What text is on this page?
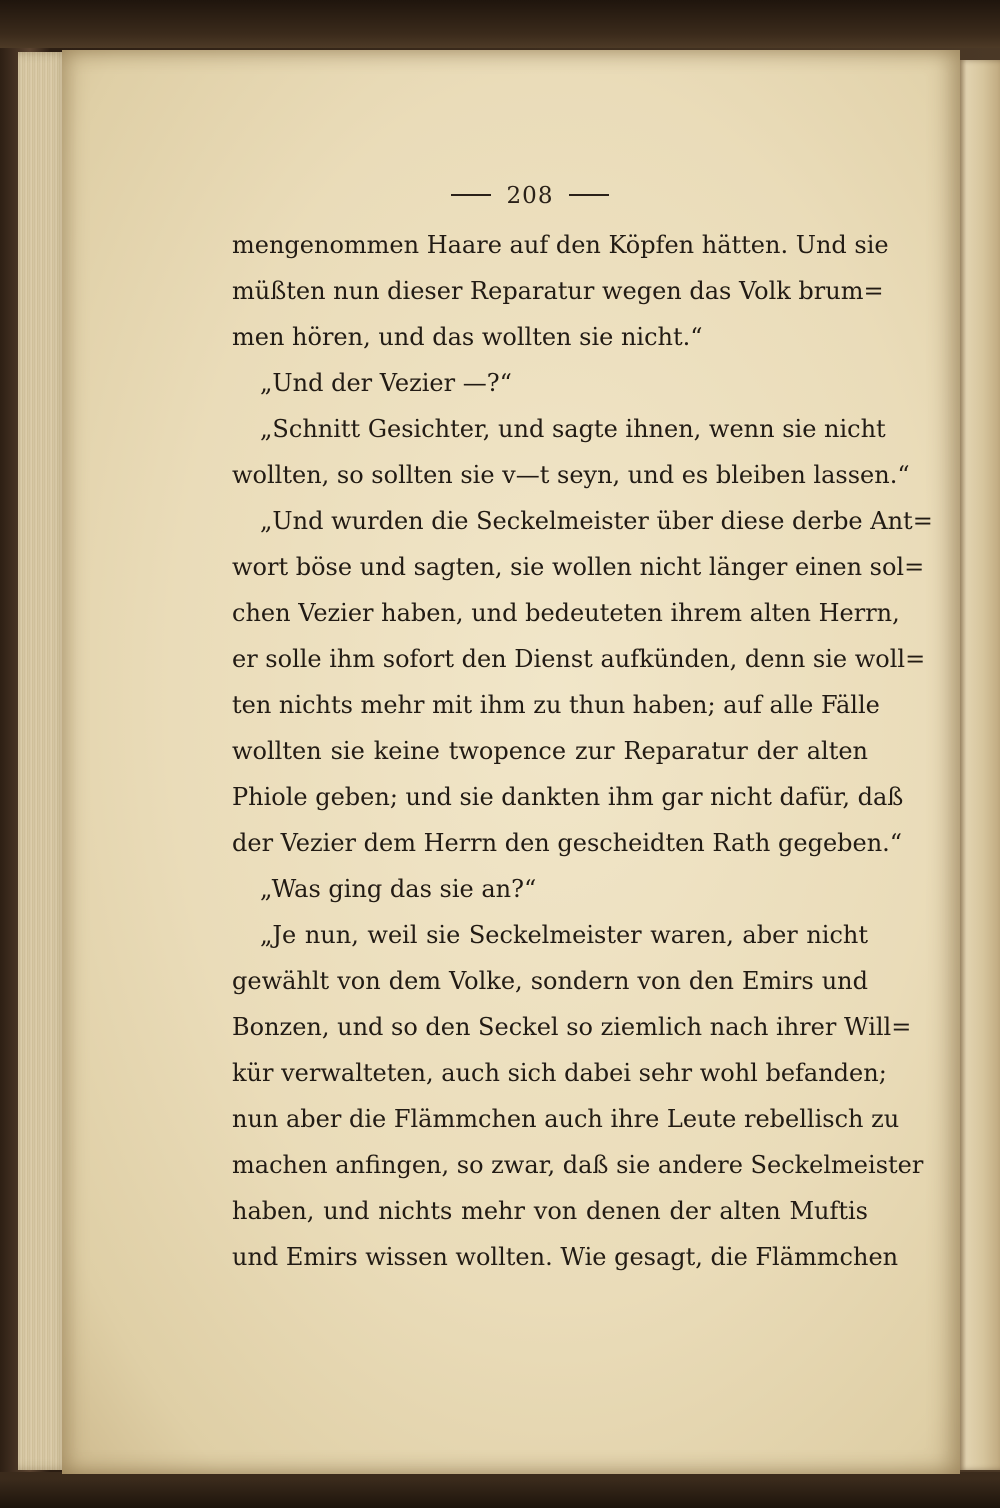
208
mengenommen Haare auf den Köpfen hätten. Und sie
müßten nun dieser Reparatur wegen das Volk brum=
men hören, und das wollten sie nicht.“
„Und der Vezier —?“
„Schnitt Gesichter, und sagte ihnen, wenn sie nicht
wollten, so sollten sie v—t seyn, und es bleiben lassen.“
„Und wurden die Seckelmeister über diese derbe Ant=
wort böse und sagten, sie wollen nicht länger einen sol=
chen Vezier haben, und bedeuteten ihrem alten Herrn,
er solle ihm sofort den Dienst aufkünden, denn sie woll=
ten nichts mehr mit ihm zu thun haben; auf alle Fälle
wollten sie keine twopence zur Reparatur der alten
Phiole geben; und sie dankten ihm gar nicht dafür, daß
der Vezier dem Herrn den gescheidten Rath gegeben.“
„Was ging das sie an?“
„Je nun, weil sie Seckelmeister waren, aber nicht
gewählt von dem Volke, sondern von den Emirs und
Bonzen, und so den Seckel so ziemlich nach ihrer Will=
kür verwalteten, auch sich dabei sehr wohl befanden;
nun aber die Flämmchen auch ihre Leute rebellisch zu
machen anfingen, so zwar, daß sie andere Seckelmeister
haben, und nichts mehr von denen der alten Muftis
und Emirs wissen wollten. Wie gesagt, die Flämmchen
